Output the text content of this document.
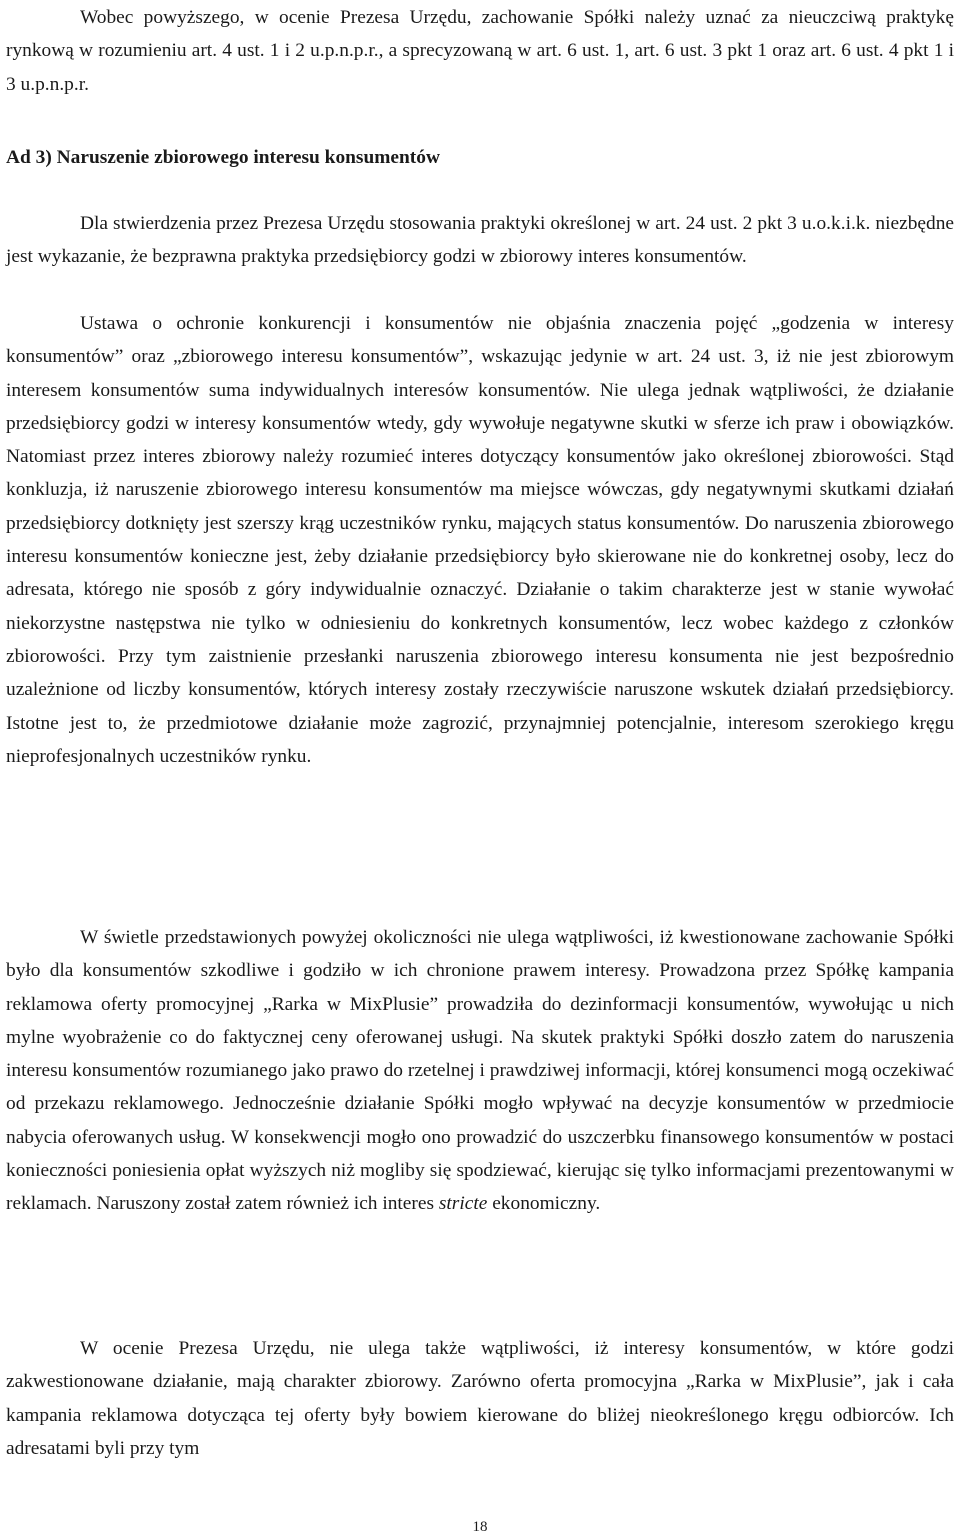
Wobec powyższego, w ocenie Prezesa Urzędu, zachowanie Spółki należy uznać za nieuczciwą praktykę rynkową w rozumieniu art. 4 ust. 1 i 2 u.p.n.p.r., a sprecyzowaną w art. 6 ust. 1, art. 6 ust. 3 pkt 1 oraz art. 6 ust. 4 pkt 1 i 3 u.p.n.p.r.

Ad 3) Naruszenie zbiorowego interesu konsumentów

Dla stwierdzenia przez Prezesa Urzędu stosowania praktyki określonej w art. 24 ust. 2 pkt 3 u.o.k.i.k. niezbędne jest wykazanie, że bezprawna praktyka przedsiębiorcy godzi w zbiorowy interes konsumentów.

Ustawa o ochronie konkurencji i konsumentów nie objaśnia znaczenia pojęć „godzenia w interesy konsumentów” oraz „zbiorowego interesu konsumentów”, wskazując jedynie w art. 24 ust. 3, iż nie jest zbiorowym interesem konsumentów suma indywidualnych interesów konsumentów. Nie ulega jednak wątpliwości, że działanie przedsiębiorcy godzi w interesy konsumentów wtedy, gdy wywołuje negatywne skutki w sferze ich praw i obowiązków. Natomiast przez interes zbiorowy należy rozumieć interes dotyczący konsumentów jako określonej zbiorowości. Stąd konkluzja, iż naruszenie zbiorowego interesu konsumentów ma miejsce wówczas, gdy negatywnymi skutkami działań przedsiębiorcy dotknięty jest szerszy krąg uczestników rynku, mających status konsumentów. Do naruszenia zbiorowego interesu konsumentów konieczne jest, żeby działanie przedsiębiorcy było skierowane nie do konkretnej osoby, lecz do adresata, którego nie sposób z góry indywidualnie oznaczyć. Działanie o takim charakterze jest w stanie wywołać niekorzystne następstwa nie tylko w odniesieniu do konkretnych konsumentów, lecz wobec każdego z członków zbiorowości. Przy tym zaistnienie przesłanki naruszenia zbiorowego interesu konsumenta nie jest bezpośrednio uzależnione od liczby konsumentów, których interesy zostały rzeczywiście naruszone wskutek działań przedsiębiorcy. Istotne jest to, że przedmiotowe działanie może zagrozić, przynajmniej potencjalnie, interesom szerokiego kręgu nieprofesjonalnych uczestników rynku.

W świetle przedstawionych powyżej okoliczności nie ulega wątpliwości, iż kwestionowane zachowanie Spółki było dla konsumentów szkodliwe i godziło w ich chronione prawem interesy. Prowadzona przez Spółkę kampania reklamowa oferty promocyjnej „Rarka w MixPlusie” prowadziła do dezinformacji konsumentów, wywołując u nich mylne wyobrażenie co do faktycznej ceny oferowanej usługi. Na skutek praktyki Spółki doszło zatem do naruszenia interesu konsumentów rozumianego jako prawo do rzetelnej i prawdziwej informacji, której konsumenci mogą oczekiwać od przekazu reklamowego. Jednocześnie działanie Spółki mogło wpływać na decyzje konsumentów w przedmiocie nabycia oferowanych usług. W konsekwencji mogło ono prowadzić do uszczerbku finansowego konsumentów w postaci konieczności poniesienia opłat wyższych niż mogliby się spodziewać, kierując się tylko informacjami prezentowanymi w reklamach. Naruszony został zatem również ich interes stricte ekonomiczny.

W ocenie Prezesa Urzędu, nie ulega także wątpliwości, iż interesy konsumentów, w które godzi zakwestionowane działanie, mają charakter zbiorowy. Zarówno oferta promocyjna „Rarka w MixPlusie”, jak i cała kampania reklamowa dotycząca tej oferty były bowiem kierowane do bliżej nieokreślonego kręgu odbiorców. Ich adresatami byli przy tym

18
